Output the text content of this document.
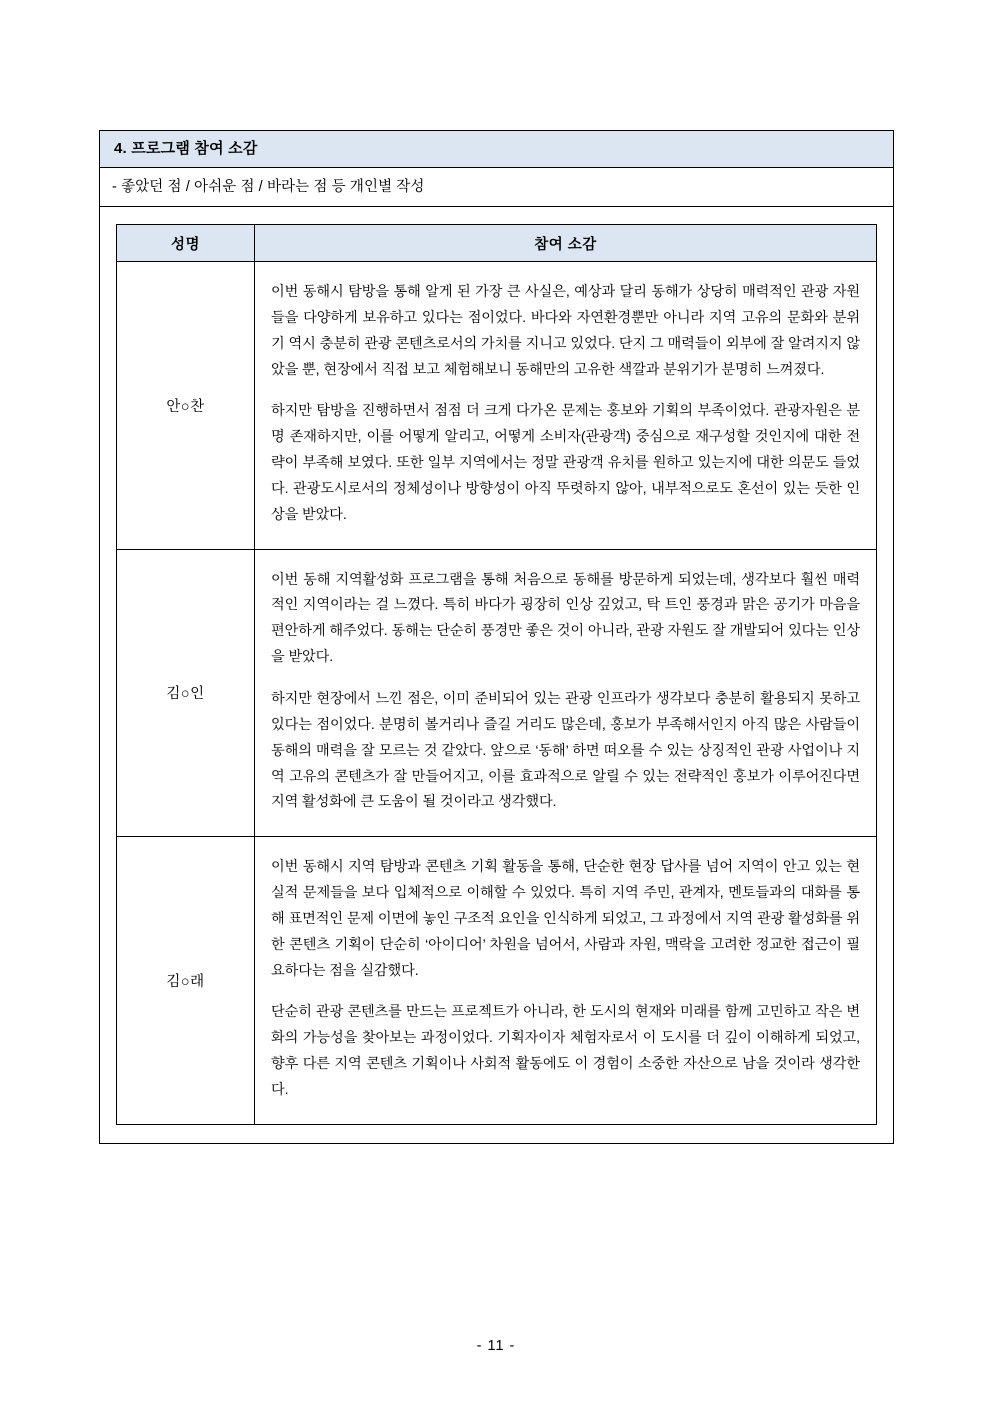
4. 프로그램 참여 소감

- 좋았던 점 / 아쉬운 점 / 바라는 점 등 개인별 작성

성명	참여 소감
안○찬	

이번 동해시 탐방을 통해 알게 된 가장 큰 사실은, 예상과 달리 동해가 상당히 매력적인 관광 자원들을 다양하게 보유하고 있다는 점이었다. 바다와 자연환경뿐만 아니라 지역 고유의 문화와 분위기 역시 충분히 관광 콘텐츠로서의 가치를 지니고 있었다. 단지 그 매력들이 외부에 잘 알려지지 않았을 뿐, 현장에서 직접 보고 체험해보니 동해만의 고유한 색깔과 분위기가 분명히 느껴졌다.

하지만 탐방을 진행하면서 점점 더 크게 다가온 문제는 홍보와 기획의 부족이었다. 관광자원은 분명 존재하지만, 이를 어떻게 알리고, 어떻게 소비자(관광객) 중심으로 재구성할 것인지에 대한 전략이 부족해 보였다. 또한 일부 지역에서는 정말 관광객 유치를 원하고 있는지에 대한 의문도 들었다. 관광도시로서의 정체성이나 방향성이 아직 뚜렷하지 않아, 내부적으로도 혼선이 있는 듯한 인상을 받았다.

김○인	

이번 동해 지역활성화 프로그램을 통해 처음으로 동해를 방문하게 되었는데, 생각보다 훨씬 매력적인 지역이라는 걸 느꼈다. 특히 바다가 굉장히 인상 깊었고, 탁 트인 풍경과 맑은 공기가 마음을 편안하게 해주었다. 동해는 단순히 풍경만 좋은 것이 아니라, 관광 자원도 잘 개발되어 있다는 인상을 받았다.

하지만 현장에서 느낀 점은, 이미 준비되어 있는 관광 인프라가 생각보다 충분히 활용되지 못하고 있다는 점이었다. 분명히 볼거리나 즐길 거리도 많은데, 홍보가 부족해서인지 아직 많은 사람들이 동해의 매력을 잘 모르는 것 같았다. 앞으로 ‘동해’ 하면 떠오를 수 있는 상징적인 관광 사업이나 지역 고유의 콘텐츠가 잘 만들어지고, 이를 효과적으로 알릴 수 있는 전략적인 홍보가 이루어진다면 지역 활성화에 큰 도움이 될 것이라고 생각했다.

김○래	

이번 동해시 지역 탐방과 콘텐츠 기획 활동을 통해, 단순한 현장 답사를 넘어 지역이 안고 있는 현실적 문제들을 보다 입체적으로 이해할 수 있었다. 특히 지역 주민, 관계자, 멘토들과의 대화를 통해 표면적인 문제 이면에 놓인 구조적 요인을 인식하게 되었고, 그 과정에서 지역 관광 활성화를 위한 콘텐츠 기획이 단순히 ‘아이디어’ 차원을 넘어서, 사람과 자원, 맥락을 고려한 정교한 접근이 필요하다는 점을 실감했다.

단순히 관광 콘텐츠를 만드는 프로젝트가 아니라, 한 도시의 현재와 미래를 함께 고민하고 작은 변화의 가능성을 찾아보는 과정이었다. 기획자이자 체험자로서 이 도시를 더 깊이 이해하게 되었고, 향후 다른 지역 콘텐츠 기획이나 사회적 활동에도 이 경험이 소중한 자산으로 남을 것이라 생각한다.

- 11 -
